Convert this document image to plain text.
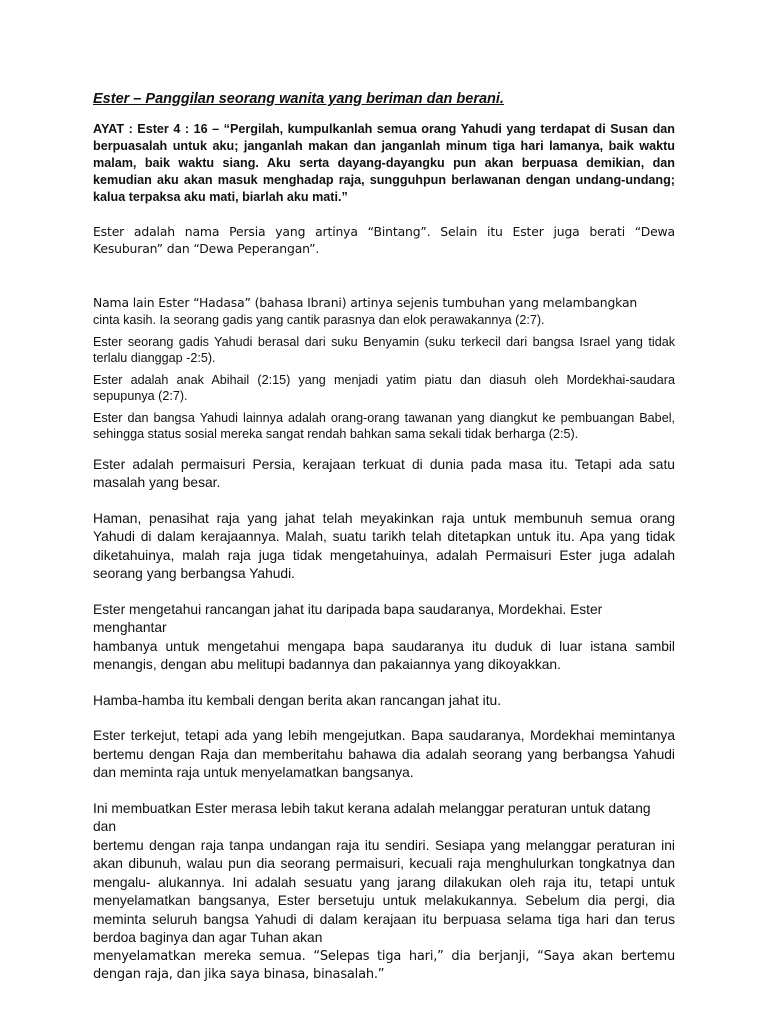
Ester – Panggilan seorang wanita yang beriman dan berani.
AYAT : Ester 4 : 16 – “Pergilah, kumpulkanlah semua orang Yahudi yang terdapat di Susan dan berpuasalah untuk aku; janganlah makan dan janganlah minum tiga hari lamanya, baik waktu malam, baik waktu siang. Aku serta dayang-dayangku pun akan berpuasa demikian, dan kemudian aku akan masuk menghadap raja, sungguhpun berlawanan dengan undang-undang; kalua terpaksa aku mati, biarlah aku mati.”

Ester adalah nama Persia yang artinya “Bintang”. Selain itu Ester juga berati “Dewa Kesuburan” dan “Dewa Peperangan”.

Nama lain Ester “Hadasa” (bahasa Ibrani) artinya sejenis tumbuhan yang melambangkan

cinta kasih. Ia seorang gadis yang cantik parasnya dan elok perawakannya (2:7).

Ester seorang gadis Yahudi berasal dari suku Benyamin (suku terkecil dari bangsa Israel yang tidak terlalu dianggap -2:5).

Ester adalah anak Abihail (2:15) yang menjadi yatim piatu dan diasuh oleh Mordekhai-saudara sepupunya (2:7).

Ester dan bangsa Yahudi lainnya adalah orang-orang tawanan yang diangkut ke pembuangan Babel, sehingga status sosial mereka sangat rendah bahkan sama sekali tidak berharga (2:5).

Ester adalah permaisuri Persia, kerajaan terkuat di dunia pada masa itu. Tetapi ada satu masalah yang besar.

Haman, penasihat raja yang jahat telah meyakinkan raja untuk membunuh semua orang Yahudi di dalam kerajaannya. Malah, suatu tarikh telah ditetapkan untuk itu. Apa yang tidak diketahuinya, malah raja juga tidak mengetahuinya, adalah Permaisuri Ester juga adalah seorang yang berbangsa Yahudi.

Ester mengetahui rancangan jahat itu daripada bapa saudaranya, Mordekhai. Ester menghantar

hambanya untuk mengetahui mengapa bapa saudaranya itu duduk di luar istana sambil menangis, dengan abu melitupi badannya dan pakaiannya yang dikoyakkan.

Hamba-hamba itu kembali dengan berita akan rancangan jahat itu.

Ester terkejut, tetapi ada yang lebih mengejutkan. Bapa saudaranya, Mordekhai memintanya bertemu dengan Raja dan memberitahu bahawa dia adalah seorang yang berbangsa Yahudi dan meminta raja untuk menyelamatkan bangsanya.

Ini membuatkan Ester merasa lebih takut kerana adalah melanggar peraturan untuk datang dan

bertemu dengan raja tanpa undangan raja itu sendiri. Sesiapa yang melanggar peraturan ini akan dibunuh, walau pun dia seorang permaisuri, kecuali raja menghulurkan tongkatnya dan mengalu- alukannya. Ini adalah sesuatu yang jarang dilakukan oleh raja itu, tetapi untuk menyelamatkan bangsanya, Ester bersetuju untuk melakukannya. Sebelum dia pergi, dia meminta seluruh bangsa Yahudi di dalam kerajaan itu berpuasa selama tiga hari dan terus berdoa baginya dan agar Tuhan akan

menyelamatkan mereka semua. “Selepas tiga hari,” dia berjanji, “Saya akan bertemu dengan raja, dan jika saya binasa, binasalah.”
